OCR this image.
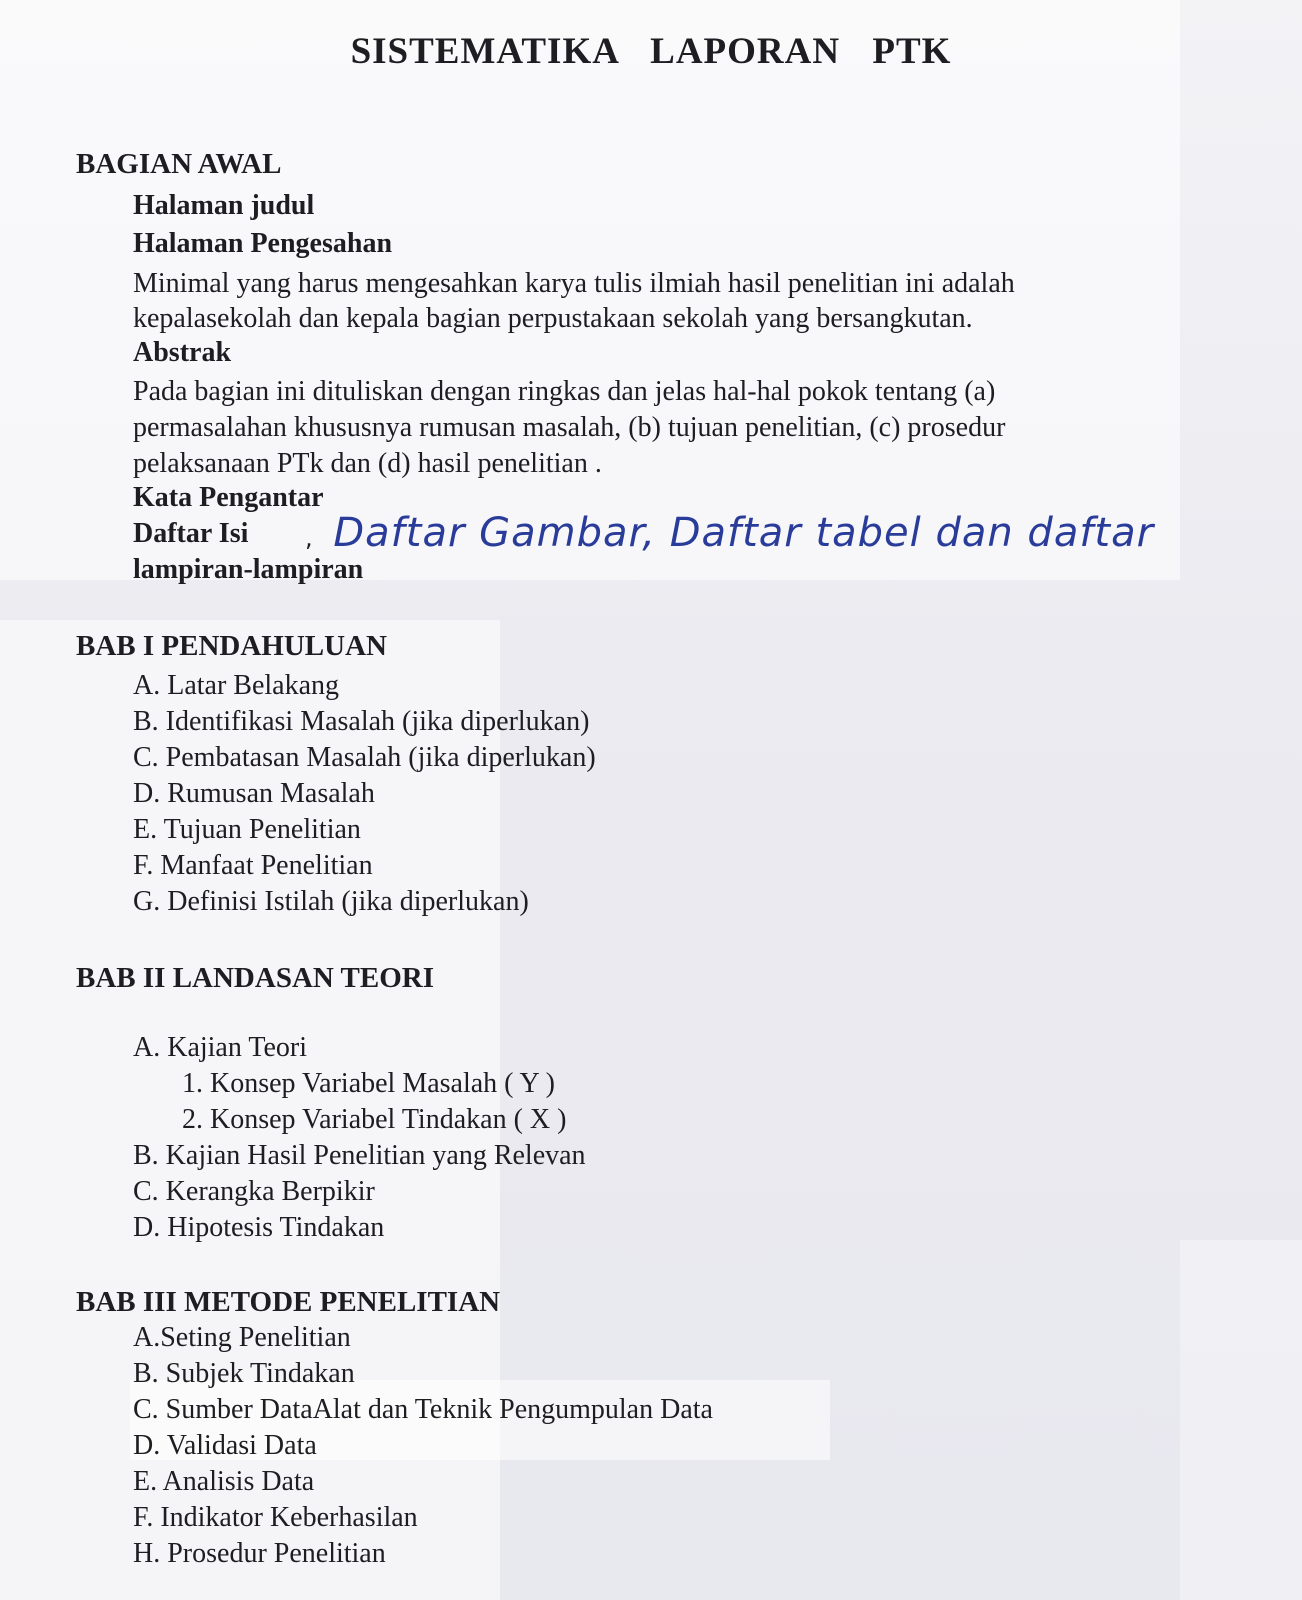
SISTEMATIKA LAPORAN PTK

BAGIAN AWAL

Halaman judul

Halaman Pengesahan

Minimal yang harus mengesahkan karya tulis ilmiah hasil penelitian ini adalah

kepalasekolah dan kepala bagian perpustakaan sekolah yang bersangkutan.

Abstrak

Pada bagian ini dituliskan dengan ringkas dan jelas hal-hal pokok tentang (a)

permasalahan khususnya rumusan masalah, (b) tujuan penelitian, (c) prosedur

pelaksanaan PTk dan (d) hasil penelitian .

Kata Pengantar

Daftar Isi , Daftar Gambar, Daftar tabel dan daftar

lampiran-lampiran

BAB I PENDAHULUAN

A. Latar Belakang

B. Identifikasi Masalah (jika diperlukan)

C. Pembatasan Masalah (jika diperlukan)

D. Rumusan Masalah

E. Tujuan Penelitian

F. Manfaat Penelitian

G. Definisi Istilah (jika diperlukan)

BAB II LANDASAN TEORI

A. Kajian Teori

1. Konsep Variabel Masalah ( Y )

2. Konsep Variabel Tindakan ( X )

B. Kajian Hasil Penelitian yang Relevan

C. Kerangka Berpikir

D. Hipotesis Tindakan

BAB III METODE PENELITIAN

A.Seting Penelitian

B. Subjek Tindakan

C. Sumber DataAlat dan Teknik Pengumpulan Data

D. Validasi Data

E. Analisis Data

F. Indikator Keberhasilan

H. Prosedur Penelitian
